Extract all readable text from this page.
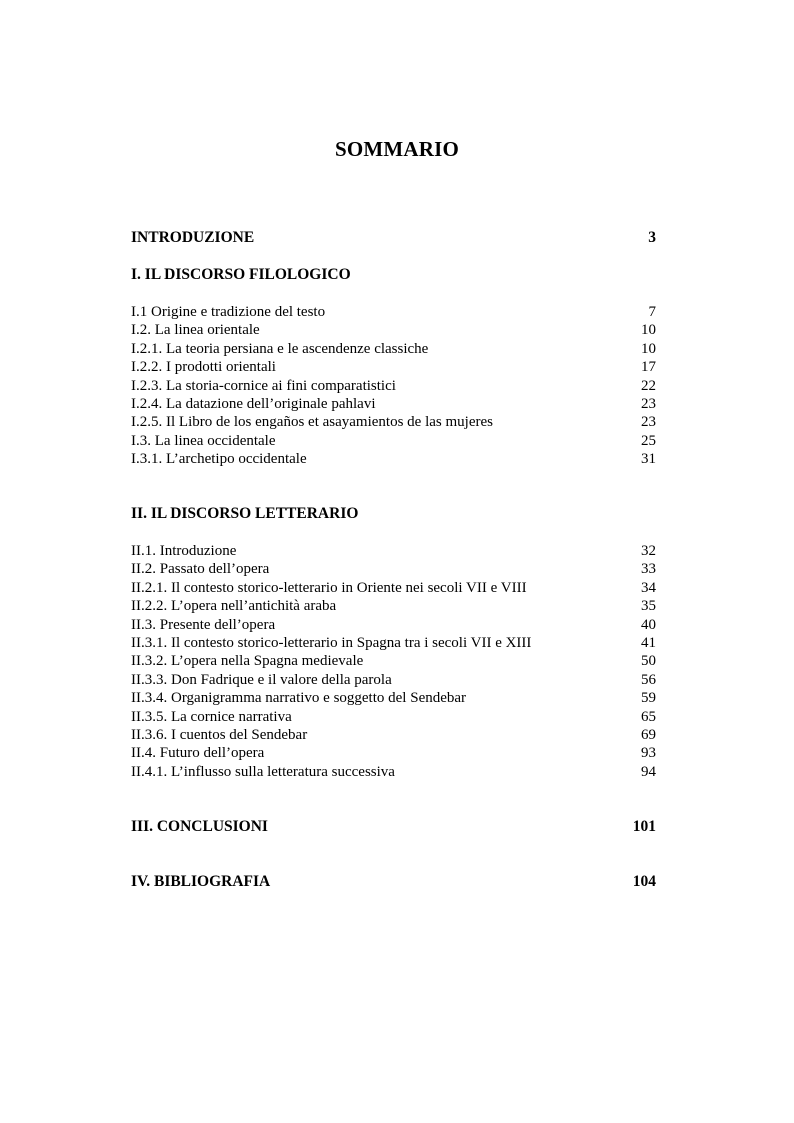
SOMMARIO
INTRODUZIONE	3
I. IL DISCORSO FILOLOGICO
I.1 Origine e tradizione del testo	7
I.2. La linea orientale	10
I.2.1. La teoria persiana e le ascendenze classiche	10
I.2.2. I prodotti orientali	17
I.2.3. La storia-cornice ai fini comparatistici	22
I.2.4. La datazione dell’originale pahlavi	23
I.2.5. Il Libro de los engaños et asayamientos de las mujeres	23
I.3. La linea occidentale	25
I.3.1. L’archetipo occidentale	31
II. IL DISCORSO LETTERARIO
II.1. Introduzione	32
II.2. Passato dell’opera	33
II.2.1. Il contesto storico-letterario in Oriente nei secoli VII e VIII	34
II.2.2. L’opera nell’antichità araba	35
II.3. Presente dell’opera	40
II.3.1. Il contesto storico-letterario in Spagna tra i secoli VII e XIII	41
II.3.2. L’opera nella Spagna medievale	50
II.3.3. Don Fadrique e il valore della parola	56
II.3.4. Organigramma narrativo e soggetto del Sendebar	59
II.3.5. La cornice narrativa	65
II.3.6. I cuentos del Sendebar	69
II.4. Futuro dell’opera	93
II.4.1. L’influsso sulla letteratura successiva	94
III. CONCLUSIONI	101
IV. BIBLIOGRAFIA	104
